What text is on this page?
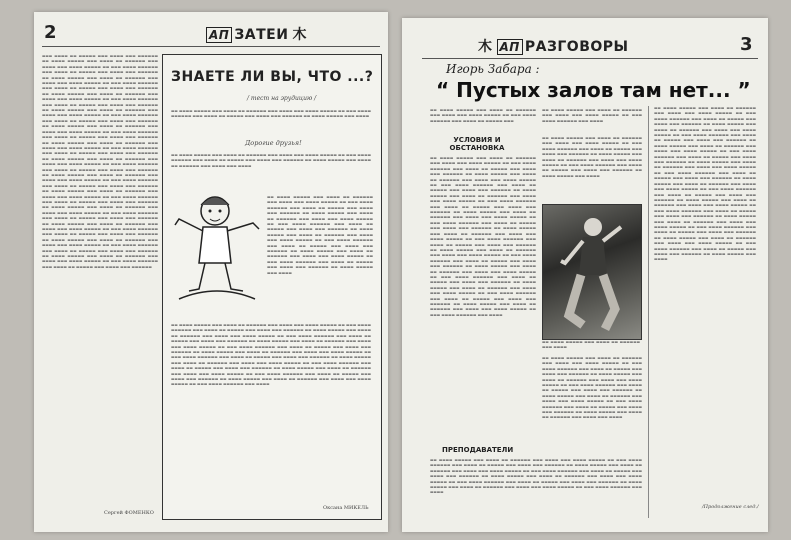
2	АП ЗАТЕИ 木
▬▬▬ ▬▬▬▬ ▬▬ ▬▬▬▬▬ ▬▬▬ ▬▬▬▬ ▬▬▬ ▬▬▬▬▬▬ ▬▬ ▬▬▬▬ ▬▬▬▬▬ ▬▬▬ ▬▬▬▬ ▬▬ ▬▬▬▬▬▬ ▬▬▬ ▬▬▬▬ ▬▬▬ ▬▬▬▬ ▬▬▬▬▬ ▬▬ ▬▬▬ ▬▬▬▬ ▬▬▬▬▬▬ ▬▬▬ ▬▬▬▬ ▬▬ ▬▬▬▬▬ ▬▬▬ ▬▬▬▬ ▬▬▬ ▬▬▬▬▬▬ ▬▬ ▬▬▬▬ ▬▬▬▬▬ ▬▬▬ ▬▬▬▬ ▬▬ ▬▬▬▬▬▬ ▬▬▬ ▬▬▬▬ ▬▬▬ ▬▬▬▬ ▬▬▬▬▬ ▬▬ ▬▬▬ ▬▬▬▬ ▬▬▬▬▬▬ ▬▬▬ ▬▬▬▬ ▬▬ ▬▬▬▬▬ ▬▬▬ ▬▬▬▬ ▬▬▬ ▬▬▬▬▬▬ ▬▬ ▬▬▬▬ ▬▬▬▬▬ ▬▬▬ ▬▬▬▬ ▬▬ ▬▬▬▬▬▬ ▬▬▬ ▬▬▬▬ ▬▬▬ ▬▬▬▬ ▬▬▬▬▬ ▬▬ ▬▬▬ ▬▬▬▬ ▬▬▬▬▬▬ ▬▬▬ ▬▬▬▬ ▬▬ ▬▬▬▬▬ ▬▬▬ ▬▬▬▬ ▬▬▬ ▬▬▬▬▬▬ ▬▬ ▬▬▬▬ ▬▬▬▬▬ ▬▬▬ ▬▬▬▬ ▬▬ ▬▬▬▬▬▬ ▬▬▬ ▬▬▬▬ ▬▬▬ ▬▬▬▬ ▬▬▬▬▬ ▬▬ ▬▬▬ ▬▬▬▬ ▬▬▬▬▬▬ ▬▬▬ ▬▬▬▬ ▬▬ ▬▬▬▬▬ ▬▬▬ ▬▬▬▬ ▬▬▬ ▬▬▬▬▬▬ ▬▬ ▬▬▬▬ ▬▬▬▬▬ ▬▬▬ ▬▬▬▬ ▬▬ ▬▬▬▬▬▬ ▬▬▬ ▬▬▬▬ ▬▬▬ ▬▬▬▬ ▬▬▬▬▬ ▬▬ ▬▬▬ ▬▬▬▬ ▬▬▬▬▬▬ ▬▬▬ ▬▬▬▬ ▬▬ ▬▬▬▬▬ ▬▬▬ ▬▬▬▬ ▬▬▬ ▬▬▬▬▬▬ ▬▬ ▬▬▬▬ ▬▬▬▬▬ ▬▬▬ ▬▬▬▬ ▬▬ ▬▬▬▬▬▬ ▬▬▬ ▬▬▬▬ ▬▬▬ ▬▬▬▬ ▬▬▬▬▬ ▬▬ ▬▬▬ ▬▬▬▬ ▬▬▬▬▬▬ ▬▬▬ ▬▬▬▬ ▬▬ ▬▬▬▬▬ ▬▬▬ ▬▬▬▬ ▬▬▬ ▬▬▬▬▬▬ ▬▬ ▬▬▬▬ ▬▬▬▬▬ ▬▬▬ ▬▬▬▬ ▬▬ ▬▬▬▬▬▬ ▬▬▬ ▬▬▬▬ ▬▬▬ ▬▬▬▬ ▬▬▬▬▬ ▬▬ ▬▬▬ ▬▬▬▬ ▬▬▬▬▬▬ ▬▬▬ ▬▬▬▬ ▬▬ ▬▬▬▬▬ ▬▬▬ ▬▬▬▬ ▬▬▬ ▬▬▬▬▬▬ ▬▬ ▬▬▬▬ ▬▬▬▬▬ ▬▬▬ ▬▬▬▬ ▬▬ ▬▬▬▬▬▬ ▬▬▬ ▬▬▬▬ ▬▬▬ ▬▬▬▬ ▬▬▬▬▬ ▬▬ ▬▬▬ ▬▬▬▬ ▬▬▬▬▬▬ ▬▬▬ ▬▬▬▬ ▬▬ ▬▬▬▬▬ ▬▬▬ ▬▬▬▬ ▬▬▬ ▬▬▬▬▬▬ ▬▬ ▬▬▬▬ ▬▬▬▬▬ ▬▬▬ ▬▬▬▬ ▬▬ ▬▬▬▬▬▬ ▬▬▬ ▬▬▬▬ ▬▬▬ ▬▬▬▬ ▬▬▬▬▬ ▬▬ ▬▬▬ ▬▬▬▬ ▬▬▬▬▬▬ ▬▬▬ ▬▬▬▬ ▬▬ ▬▬▬▬▬ ▬▬▬ ▬▬▬▬ ▬▬▬ ▬▬▬▬▬▬ ▬▬ ▬▬▬▬ ▬▬▬▬▬ ▬▬▬ ▬▬▬▬ ▬▬ ▬▬▬▬▬▬ ▬▬▬ ▬▬▬▬ ▬▬▬ ▬▬▬▬ ▬▬▬▬▬ ▬▬ ▬▬▬ ▬▬▬▬ ▬▬▬▬▬▬ ▬▬▬ ▬▬▬▬ ▬▬ ▬▬▬▬▬ ▬▬▬ ▬▬▬▬ ▬▬▬ ▬▬▬▬▬▬ ▬▬ ▬▬▬▬ ▬▬▬▬▬ ▬▬▬ ▬▬▬▬ ▬▬ ▬▬▬▬▬▬ ▬▬▬ ▬▬▬▬ ▬▬▬ ▬▬▬▬ ▬▬▬▬▬ ▬▬ ▬▬▬ ▬▬▬▬ ▬▬▬▬▬▬ ▬▬▬ ▬▬▬▬ ▬▬ ▬▬▬▬▬ ▬▬▬ ▬▬▬▬ ▬▬▬ ▬▬▬▬▬▬ ▬▬ ▬▬▬▬ ▬▬▬▬▬ ▬▬▬ ▬▬▬▬ ▬▬ ▬▬▬▬▬▬ ▬▬▬ ▬▬▬▬ ▬▬▬ ▬▬▬▬ ▬▬▬▬▬ ▬▬ ▬▬▬ ▬▬▬▬ ▬▬▬▬▬▬ ▬▬▬ ▬▬▬▬ ▬▬ ▬▬▬▬▬ ▬▬▬ ▬▬▬▬ ▬▬▬ ▬▬▬▬▬▬ ▬▬ ▬▬▬▬ ▬▬▬▬▬ ▬▬▬ ▬▬▬▬ ▬▬ ▬▬▬▬▬▬ ▬▬▬ ▬▬▬▬ ▬▬▬ ▬▬▬▬ ▬▬▬▬▬ ▬▬ ▬▬▬ ▬▬▬▬ ▬▬▬▬▬▬ ▬▬▬ ▬▬▬▬ ▬▬ ▬▬▬▬▬ ▬▬▬ ▬▬▬▬ ▬▬▬ ▬▬▬▬▬▬
Сергей ФОМЕНКО
ЗНАЕТЕ ЛИ ВЫ, ЧТО ...?
/ тест на эрудицию /
▬▬ ▬▬▬▬ ▬▬▬▬▬ ▬▬▬ ▬▬▬▬ ▬▬ ▬▬▬▬▬▬ ▬▬▬ ▬▬▬▬ ▬▬▬ ▬▬▬▬ ▬▬▬▬▬ ▬▬ ▬▬▬ ▬▬▬▬ ▬▬▬▬▬▬ ▬▬▬ ▬▬▬▬ ▬▬ ▬▬▬▬▬ ▬▬▬ ▬▬▬▬ ▬▬▬ ▬▬▬▬▬▬ ▬▬ ▬▬▬▬ ▬▬▬▬▬ ▬▬▬ ▬▬▬▬
Дорогие друзья!
▬▬ ▬▬▬▬ ▬▬▬▬▬ ▬▬▬ ▬▬▬▬ ▬▬ ▬▬▬▬▬▬ ▬▬▬ ▬▬▬▬ ▬▬▬ ▬▬▬▬ ▬▬▬▬▬ ▬▬ ▬▬▬ ▬▬▬▬ ▬▬▬▬▬▬ ▬▬▬ ▬▬▬▬ ▬▬ ▬▬▬▬▬ ▬▬▬ ▬▬▬▬ ▬▬▬ ▬▬▬▬▬▬ ▬▬ ▬▬▬▬ ▬▬▬▬▬ ▬▬▬ ▬▬▬▬ ▬▬ ▬▬▬▬▬▬ ▬▬▬ ▬▬▬▬ ▬▬▬ ▬▬▬▬
▬▬ ▬▬▬▬ ▬▬▬▬▬ ▬▬▬ ▬▬▬▬ ▬▬ ▬▬▬▬▬▬ ▬▬▬ ▬▬▬▬ ▬▬▬ ▬▬▬▬ ▬▬▬▬▬ ▬▬ ▬▬▬ ▬▬▬▬ ▬▬▬▬▬▬ ▬▬▬ ▬▬▬▬ ▬▬ ▬▬▬▬▬ ▬▬▬ ▬▬▬▬ ▬▬▬ ▬▬▬▬▬▬ ▬▬ ▬▬▬▬ ▬▬▬▬▬ ▬▬▬ ▬▬▬▬ ▬▬ ▬▬▬▬▬▬ ▬▬▬ ▬▬▬▬ ▬▬▬ ▬▬▬▬ ▬▬▬▬▬ ▬▬ ▬▬▬ ▬▬▬▬ ▬▬▬▬▬▬ ▬▬▬ ▬▬▬▬ ▬▬ ▬▬▬▬▬ ▬▬▬ ▬▬▬▬ ▬▬▬ ▬▬▬▬▬▬ ▬▬ ▬▬▬▬ ▬▬▬▬▬ ▬▬▬ ▬▬▬▬ ▬▬ ▬▬▬▬▬▬ ▬▬▬ ▬▬▬▬ ▬▬▬ ▬▬▬▬ ▬▬▬▬▬ ▬▬ ▬▬▬ ▬▬▬▬ ▬▬▬▬▬▬ ▬▬▬ ▬▬▬▬ ▬▬ ▬▬▬▬▬ ▬▬▬ ▬▬▬▬ ▬▬▬ ▬▬▬▬▬▬ ▬▬ ▬▬▬▬ ▬▬▬▬▬ ▬▬▬ ▬▬▬▬ ▬▬ ▬▬▬▬▬▬ ▬▬▬ ▬▬▬▬ ▬▬▬ ▬▬▬▬ ▬▬▬▬▬ ▬▬ ▬▬▬ ▬▬▬▬ ▬▬▬▬▬▬ ▬▬▬ ▬▬▬▬ ▬▬ ▬▬▬▬▬ ▬▬▬ ▬▬▬▬ ▬▬▬ ▬▬▬▬▬▬ ▬▬ ▬▬▬▬ ▬▬▬▬▬ ▬▬▬ ▬▬▬▬
▬▬ ▬▬▬▬ ▬▬▬▬▬ ▬▬▬ ▬▬▬▬ ▬▬ ▬▬▬▬▬▬ ▬▬▬ ▬▬▬▬ ▬▬▬ ▬▬▬▬ ▬▬▬▬▬ ▬▬ ▬▬▬ ▬▬▬▬ ▬▬▬▬▬▬ ▬▬▬ ▬▬▬▬ ▬▬ ▬▬▬▬▬ ▬▬▬ ▬▬▬▬ ▬▬▬ ▬▬▬▬▬▬ ▬▬ ▬▬▬▬ ▬▬▬▬▬ ▬▬▬ ▬▬▬▬ ▬▬ ▬▬▬▬▬▬ ▬▬▬ ▬▬▬▬ ▬▬▬ ▬▬▬▬ ▬▬▬▬▬ ▬▬ ▬▬▬ ▬▬▬▬ ▬▬▬▬▬▬ ▬▬▬ ▬▬▬▬ ▬▬ ▬▬▬▬▬ ▬▬▬ ▬▬▬▬ ▬▬▬ ▬▬▬▬▬▬ ▬▬ ▬▬▬▬ ▬▬▬▬▬ ▬▬▬ ▬▬▬▬ ▬▬ ▬▬▬▬▬▬ ▬▬▬ ▬▬▬▬ ▬▬▬ ▬▬▬▬ ▬▬▬▬▬ ▬▬ ▬▬▬ ▬▬▬▬ ▬▬▬▬▬▬ ▬▬▬ ▬▬▬▬ ▬▬ ▬▬▬▬▬ ▬▬▬ ▬▬▬▬ ▬▬▬ ▬▬▬▬▬▬ ▬▬ ▬▬▬▬ ▬▬▬▬▬ ▬▬▬ ▬▬▬▬ ▬▬ ▬▬▬▬▬▬ ▬▬▬ ▬▬▬▬ ▬▬▬ ▬▬▬▬ ▬▬▬▬▬ ▬▬ ▬▬▬ ▬▬▬▬ ▬▬▬▬▬▬ ▬▬▬ ▬▬▬▬ ▬▬ ▬▬▬▬▬ ▬▬▬ ▬▬▬▬ ▬▬▬ ▬▬▬▬▬▬ ▬▬ ▬▬▬▬ ▬▬▬▬▬ ▬▬▬ ▬▬▬▬ ▬▬ ▬▬▬▬▬▬ ▬▬▬ ▬▬▬▬ ▬▬▬ ▬▬▬▬ ▬▬▬▬▬ ▬▬ ▬▬▬ ▬▬▬▬ ▬▬▬▬▬▬ ▬▬▬ ▬▬▬▬ ▬▬ ▬▬▬▬▬ ▬▬▬ ▬▬▬▬ ▬▬▬ ▬▬▬▬▬▬ ▬▬ ▬▬▬▬ ▬▬▬▬▬ ▬▬▬ ▬▬▬▬ ▬▬ ▬▬▬▬▬▬ ▬▬▬ ▬▬▬▬ ▬▬▬ ▬▬▬▬ ▬▬▬▬▬ ▬▬ ▬▬▬ ▬▬▬▬ ▬▬▬▬▬▬ ▬▬▬ ▬▬▬▬ ▬▬ ▬▬▬▬▬ ▬▬▬ ▬▬▬▬ ▬▬▬ ▬▬▬▬▬▬ ▬▬ ▬▬▬▬ ▬▬▬▬▬ ▬▬▬ ▬▬▬▬ ▬▬ ▬▬▬▬▬▬ ▬▬▬ ▬▬▬▬ ▬▬▬ ▬▬▬▬ ▬▬▬▬▬ ▬▬ ▬▬▬ ▬▬▬▬ ▬▬▬▬▬▬ ▬▬▬ ▬▬▬▬
Оксана МИКЕЛЬ
木 АП РАЗГОВОРЫ	3
Игорь Забара :
“ Пустых залов там нет... ”
▬▬ ▬▬▬▬ ▬▬▬▬▬ ▬▬▬ ▬▬▬▬ ▬▬ ▬▬▬▬▬▬ ▬▬▬ ▬▬▬▬ ▬▬▬ ▬▬▬▬ ▬▬▬▬▬ ▬▬ ▬▬▬ ▬▬▬▬ ▬▬▬▬▬▬ ▬▬▬ ▬▬▬▬ ▬▬ ▬▬▬▬▬ ▬▬▬
▬▬ ▬▬▬▬ ▬▬▬▬▬ ▬▬▬ ▬▬▬▬ ▬▬ ▬▬▬▬▬▬ ▬▬▬ ▬▬▬▬ ▬▬▬ ▬▬▬▬ ▬▬▬▬▬ ▬▬ ▬▬▬ ▬▬▬▬ ▬▬▬▬▬▬ ▬▬▬ ▬▬▬▬
УСЛОВИЯ И ОБСТАНОВКА
▬▬ ▬▬▬▬ ▬▬▬▬▬ ▬▬▬ ▬▬▬▬ ▬▬ ▬▬▬▬▬▬ ▬▬▬ ▬▬▬▬ ▬▬▬ ▬▬▬▬ ▬▬▬▬▬ ▬▬ ▬▬▬ ▬▬▬▬ ▬▬▬▬▬▬ ▬▬▬ ▬▬▬▬ ▬▬ ▬▬▬▬▬ ▬▬▬ ▬▬▬▬ ▬▬▬ ▬▬▬▬▬▬ ▬▬ ▬▬▬▬ ▬▬▬▬▬ ▬▬▬ ▬▬▬▬ ▬▬ ▬▬▬▬▬▬ ▬▬▬ ▬▬▬▬ ▬▬▬ ▬▬▬▬ ▬▬▬▬▬ ▬▬ ▬▬▬ ▬▬▬▬ ▬▬▬▬▬▬ ▬▬▬ ▬▬▬▬ ▬▬ ▬▬▬▬▬ ▬▬▬ ▬▬▬▬ ▬▬▬ ▬▬▬▬▬▬ ▬▬ ▬▬▬▬ ▬▬▬▬▬ ▬▬▬ ▬▬▬▬ ▬▬ ▬▬▬▬▬▬ ▬▬▬ ▬▬▬▬ ▬▬▬ ▬▬▬▬ ▬▬▬▬▬ ▬▬ ▬▬▬ ▬▬▬▬ ▬▬▬▬▬▬ ▬▬▬ ▬▬▬▬ ▬▬ ▬▬▬▬▬ ▬▬▬ ▬▬▬▬ ▬▬▬ ▬▬▬▬▬▬ ▬▬ ▬▬▬▬ ▬▬▬▬▬ ▬▬▬ ▬▬▬▬ ▬▬ ▬▬▬▬▬▬ ▬▬▬ ▬▬▬▬ ▬▬▬ ▬▬▬▬ ▬▬▬▬▬ ▬▬ ▬▬▬ ▬▬▬▬ ▬▬▬▬▬▬ ▬▬▬ ▬▬▬▬ ▬▬ ▬▬▬▬▬ ▬▬▬ ▬▬▬▬ ▬▬▬ ▬▬▬▬▬▬ ▬▬ ▬▬▬▬ ▬▬▬▬▬ ▬▬▬ ▬▬▬▬ ▬▬ ▬▬▬▬▬▬ ▬▬▬ ▬▬▬▬ ▬▬▬ ▬▬▬▬ ▬▬▬▬▬ ▬▬ ▬▬▬ ▬▬▬▬ ▬▬▬▬▬▬ ▬▬▬ ▬▬▬▬ ▬▬ ▬▬▬▬▬ ▬▬▬ ▬▬▬▬ ▬▬▬ ▬▬▬▬▬▬ ▬▬ ▬▬▬▬ ▬▬▬▬▬ ▬▬▬ ▬▬▬▬ ▬▬ ▬▬▬▬▬▬ ▬▬▬ ▬▬▬▬ ▬▬▬ ▬▬▬▬ ▬▬▬▬▬ ▬▬ ▬▬▬ ▬▬▬▬ ▬▬▬▬▬▬ ▬▬▬ ▬▬▬▬ ▬▬ ▬▬▬▬▬ ▬▬▬ ▬▬▬▬ ▬▬▬ ▬▬▬▬▬▬ ▬▬ ▬▬▬▬ ▬▬▬▬▬ ▬▬▬ ▬▬▬▬ ▬▬ ▬▬▬▬▬▬ ▬▬▬ ▬▬▬▬ ▬▬▬ ▬▬▬▬ ▬▬▬▬▬ ▬▬ ▬▬▬ ▬▬▬▬ ▬▬▬▬▬▬ ▬▬▬ ▬▬▬▬ ▬▬ ▬▬▬▬▬ ▬▬▬ ▬▬▬▬ ▬▬▬ ▬▬▬▬▬▬ ▬▬ ▬▬▬▬ ▬▬▬▬▬ ▬▬▬ ▬▬▬▬ ▬▬ ▬▬▬▬▬▬ ▬▬▬ ▬▬▬▬ ▬▬▬ ▬▬▬▬ ▬▬▬▬▬ ▬▬ ▬▬▬ ▬▬▬▬ ▬▬▬▬▬▬ ▬▬▬ ▬▬▬▬ ▬▬ ▬▬▬▬▬ ▬▬▬ ▬▬▬▬ ▬▬▬ ▬▬▬▬▬▬ ▬▬ ▬▬▬▬ ▬▬▬▬▬ ▬▬▬ ▬▬▬▬ ▬▬ ▬▬▬▬▬▬ ▬▬▬ ▬▬▬▬ ▬▬▬ ▬▬▬▬ ▬▬▬▬▬ ▬▬ ▬▬▬ ▬▬▬▬ ▬▬▬▬▬▬ ▬▬▬ ▬▬▬▬
ПРЕПОДАВАТЕЛИ
▬▬ ▬▬▬▬ ▬▬▬▬▬ ▬▬▬ ▬▬▬▬ ▬▬ ▬▬▬▬▬▬ ▬▬▬ ▬▬▬▬ ▬▬▬ ▬▬▬▬ ▬▬▬▬▬ ▬▬ ▬▬▬ ▬▬▬▬ ▬▬▬▬▬▬ ▬▬▬ ▬▬▬▬ ▬▬ ▬▬▬▬▬ ▬▬▬ ▬▬▬▬ ▬▬▬ ▬▬▬▬▬▬ ▬▬ ▬▬▬▬ ▬▬▬▬▬ ▬▬▬ ▬▬▬▬ ▬▬ ▬▬▬▬▬▬ ▬▬▬ ▬▬▬▬ ▬▬▬ ▬▬▬▬ ▬▬▬▬▬ ▬▬ ▬▬▬ ▬▬▬▬ ▬▬▬▬▬▬ ▬▬▬ ▬▬▬▬ ▬▬ ▬▬▬▬▬ ▬▬▬ ▬▬▬▬ ▬▬▬ ▬▬▬▬▬▬ ▬▬ ▬▬▬▬ ▬▬▬▬▬ ▬▬▬ ▬▬▬▬ ▬▬ ▬▬▬▬▬▬ ▬▬▬ ▬▬▬▬ ▬▬▬ ▬▬▬▬ ▬▬▬▬▬ ▬▬ ▬▬▬ ▬▬▬▬ ▬▬▬▬▬▬ ▬▬▬ ▬▬▬▬ ▬▬ ▬▬▬▬▬ ▬▬▬ ▬▬▬▬ ▬▬▬ ▬▬▬▬▬▬ ▬▬ ▬▬▬▬ ▬▬▬▬▬ ▬▬▬ ▬▬▬▬ ▬▬ ▬▬▬▬▬▬ ▬▬▬ ▬▬▬▬ ▬▬▬ ▬▬▬▬ ▬▬▬▬▬ ▬▬ ▬▬▬ ▬▬▬▬ ▬▬▬▬▬▬ ▬▬▬ ▬▬▬▬
▬▬ ▬▬▬▬ ▬▬▬▬▬ ▬▬▬ ▬▬▬▬ ▬▬ ▬▬▬▬▬▬ ▬▬▬ ▬▬▬▬ ▬▬▬ ▬▬▬▬ ▬▬▬▬▬ ▬▬ ▬▬▬ ▬▬▬▬ ▬▬▬▬▬▬ ▬▬▬ ▬▬▬▬ ▬▬ ▬▬▬▬▬ ▬▬▬ ▬▬▬▬ ▬▬▬ ▬▬▬▬▬▬ ▬▬ ▬▬▬▬ ▬▬▬▬▬ ▬▬▬ ▬▬▬▬ ▬▬ ▬▬▬▬▬▬ ▬▬▬ ▬▬▬▬ ▬▬▬ ▬▬▬▬ ▬▬▬▬▬ ▬▬ ▬▬▬ ▬▬▬▬ ▬▬▬▬▬▬ ▬▬▬ ▬▬▬▬ ▬▬ ▬▬▬▬▬ ▬▬▬ ▬▬▬▬ ▬▬▬ ▬▬▬▬▬▬ ▬▬ ▬▬▬▬ ▬▬▬▬▬ ▬▬▬ ▬▬▬▬
▬▬ ▬▬▬▬ ▬▬▬▬▬ ▬▬▬ ▬▬▬▬ ▬▬ ▬▬▬▬▬▬ ▬▬▬ ▬▬▬▬
▬▬ ▬▬▬▬ ▬▬▬▬▬ ▬▬▬ ▬▬▬▬ ▬▬ ▬▬▬▬▬▬ ▬▬▬ ▬▬▬▬ ▬▬▬ ▬▬▬▬ ▬▬▬▬▬ ▬▬ ▬▬▬ ▬▬▬▬ ▬▬▬▬▬▬ ▬▬▬ ▬▬▬▬ ▬▬ ▬▬▬▬▬ ▬▬▬ ▬▬▬▬ ▬▬▬ ▬▬▬▬▬▬ ▬▬ ▬▬▬▬ ▬▬▬▬▬ ▬▬▬ ▬▬▬▬ ▬▬ ▬▬▬▬▬▬ ▬▬▬ ▬▬▬▬ ▬▬▬ ▬▬▬▬ ▬▬▬▬▬ ▬▬ ▬▬▬ ▬▬▬▬ ▬▬▬▬▬▬ ▬▬▬ ▬▬▬▬ ▬▬ ▬▬▬▬▬ ▬▬▬ ▬▬▬▬ ▬▬▬ ▬▬▬▬▬▬ ▬▬ ▬▬▬▬ ▬▬▬▬▬ ▬▬▬ ▬▬▬▬ ▬▬ ▬▬▬▬▬▬ ▬▬▬ ▬▬▬▬ ▬▬▬ ▬▬▬▬ ▬▬▬▬▬ ▬▬ ▬▬▬ ▬▬▬▬ ▬▬▬▬▬▬ ▬▬▬ ▬▬▬▬ ▬▬ ▬▬▬▬▬ ▬▬▬ ▬▬▬▬ ▬▬▬ ▬▬▬▬▬▬ ▬▬ ▬▬▬▬ ▬▬▬▬▬ ▬▬▬ ▬▬▬▬ ▬▬ ▬▬▬▬▬▬ ▬▬▬ ▬▬▬▬ ▬▬▬ ▬▬▬▬
▬▬ ▬▬▬▬ ▬▬▬▬▬ ▬▬▬ ▬▬▬▬ ▬▬ ▬▬▬▬▬▬ ▬▬▬ ▬▬▬▬ ▬▬▬ ▬▬▬▬ ▬▬▬▬▬ ▬▬ ▬▬▬ ▬▬▬▬ ▬▬▬▬▬▬ ▬▬▬ ▬▬▬▬ ▬▬ ▬▬▬▬▬ ▬▬▬ ▬▬▬▬ ▬▬▬ ▬▬▬▬▬▬ ▬▬ ▬▬▬▬ ▬▬▬▬▬ ▬▬▬ ▬▬▬▬ ▬▬ ▬▬▬▬▬▬ ▬▬▬ ▬▬▬▬ ▬▬▬ ▬▬▬▬ ▬▬▬▬▬ ▬▬ ▬▬▬ ▬▬▬▬ ▬▬▬▬▬▬ ▬▬▬ ▬▬▬▬ ▬▬ ▬▬▬▬▬ ▬▬▬ ▬▬▬▬ ▬▬▬ ▬▬▬▬▬▬ ▬▬ ▬▬▬▬ ▬▬▬▬▬ ▬▬▬ ▬▬▬▬ ▬▬ ▬▬▬▬▬▬ ▬▬▬ ▬▬▬▬ ▬▬▬ ▬▬▬▬ ▬▬▬▬▬ ▬▬ ▬▬▬ ▬▬▬▬ ▬▬▬▬▬▬ ▬▬▬ ▬▬▬▬ ▬▬ ▬▬▬▬▬ ▬▬▬ ▬▬▬▬ ▬▬▬ ▬▬▬▬▬▬ ▬▬ ▬▬▬▬ ▬▬▬▬▬ ▬▬▬ ▬▬▬▬ ▬▬ ▬▬▬▬▬▬ ▬▬▬ ▬▬▬▬ ▬▬▬ ▬▬▬▬ ▬▬▬▬▬ ▬▬ ▬▬▬ ▬▬▬▬ ▬▬▬▬▬▬ ▬▬▬ ▬▬▬▬ ▬▬ ▬▬▬▬▬ ▬▬▬ ▬▬▬▬ ▬▬▬ ▬▬▬▬▬▬ ▬▬ ▬▬▬▬ ▬▬▬▬▬ ▬▬▬ ▬▬▬▬ ▬▬ ▬▬▬▬▬▬ ▬▬▬ ▬▬▬▬ ▬▬▬ ▬▬▬▬ ▬▬▬▬▬ ▬▬ ▬▬▬ ▬▬▬▬ ▬▬▬▬▬▬ ▬▬▬ ▬▬▬▬ ▬▬ ▬▬▬▬▬ ▬▬▬ ▬▬▬▬ ▬▬▬ ▬▬▬▬▬▬ ▬▬ ▬▬▬▬ ▬▬▬▬▬ ▬▬▬ ▬▬▬▬ ▬▬ ▬▬▬▬▬▬ ▬▬▬ ▬▬▬▬ ▬▬▬ ▬▬▬▬ ▬▬▬▬▬ ▬▬ ▬▬▬ ▬▬▬▬ ▬▬▬▬▬▬ ▬▬▬ ▬▬▬▬ ▬▬ ▬▬▬▬▬ ▬▬▬ ▬▬▬▬ ▬▬▬ ▬▬▬▬▬▬ ▬▬ ▬▬▬▬ ▬▬▬▬▬ ▬▬▬ ▬▬▬▬ ▬▬ ▬▬▬▬▬▬ ▬▬▬ ▬▬▬▬ ▬▬▬ ▬▬▬▬ ▬▬▬▬▬ ▬▬ ▬▬▬ ▬▬▬▬ ▬▬▬▬▬▬ ▬▬▬ ▬▬▬▬ ▬▬ ▬▬▬▬▬ ▬▬▬ ▬▬▬▬ ▬▬▬ ▬▬▬▬▬▬ ▬▬ ▬▬▬▬ ▬▬▬▬▬ ▬▬▬ ▬▬▬▬ ▬▬ ▬▬▬▬▬▬ ▬▬▬ ▬▬▬▬ ▬▬▬ ▬▬▬▬ ▬▬▬▬▬ ▬▬ ▬▬▬ ▬▬▬▬ ▬▬▬▬▬▬ ▬▬▬ ▬▬▬▬ ▬▬ ▬▬▬▬▬ ▬▬▬ ▬▬▬▬ ▬▬▬ ▬▬▬▬▬▬ ▬▬ ▬▬▬▬ ▬▬▬▬▬ ▬▬▬ ▬▬▬▬
/Продолжение след./
